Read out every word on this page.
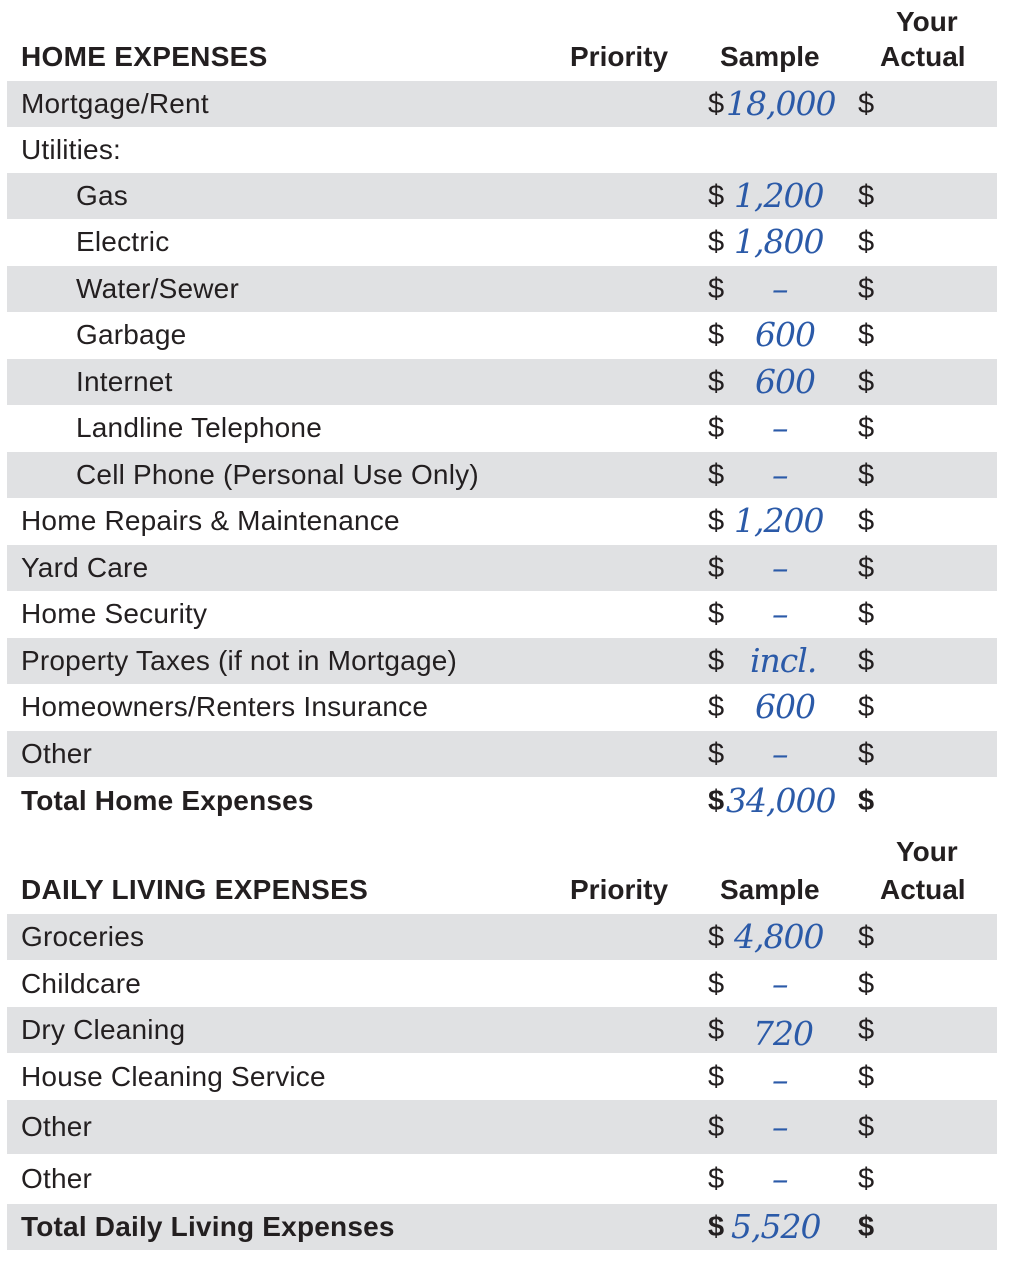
HOME EXPENSES	Priority Sample
Your
Actual
Mortgage/Rent	$ 18,000 $
Utilities:
Gas	$ 1,200 $
Electric	$ 1,800 $
Water/Sewer	$ – $
Garbage	$ 600 $
Internet	$ 600 $
Landline Telephone	$ – $
Cell Phone (Personal Use Only)	$ – $
Home Repairs & Maintenance	$ 1,200 $
Yard Care	$ – $
Home Security	$ – $
Property Taxes (if not in Mortgage)	$ incl. $
Homeowners/Renters Insurance	$ 600 $
Other	$ – $
Total Home Expenses	$ 34,000 $
DAILY LIVING EXPENSES	Priority Sample
Your
Actual
Groceries	$ 4,800 $
Childcare	$ – $
Dry Cleaning	$ 720 $
House Cleaning Service	$ – $
Other	$ – $
Other	$ – $
Total Daily Living Expenses	$ 5,520 $
